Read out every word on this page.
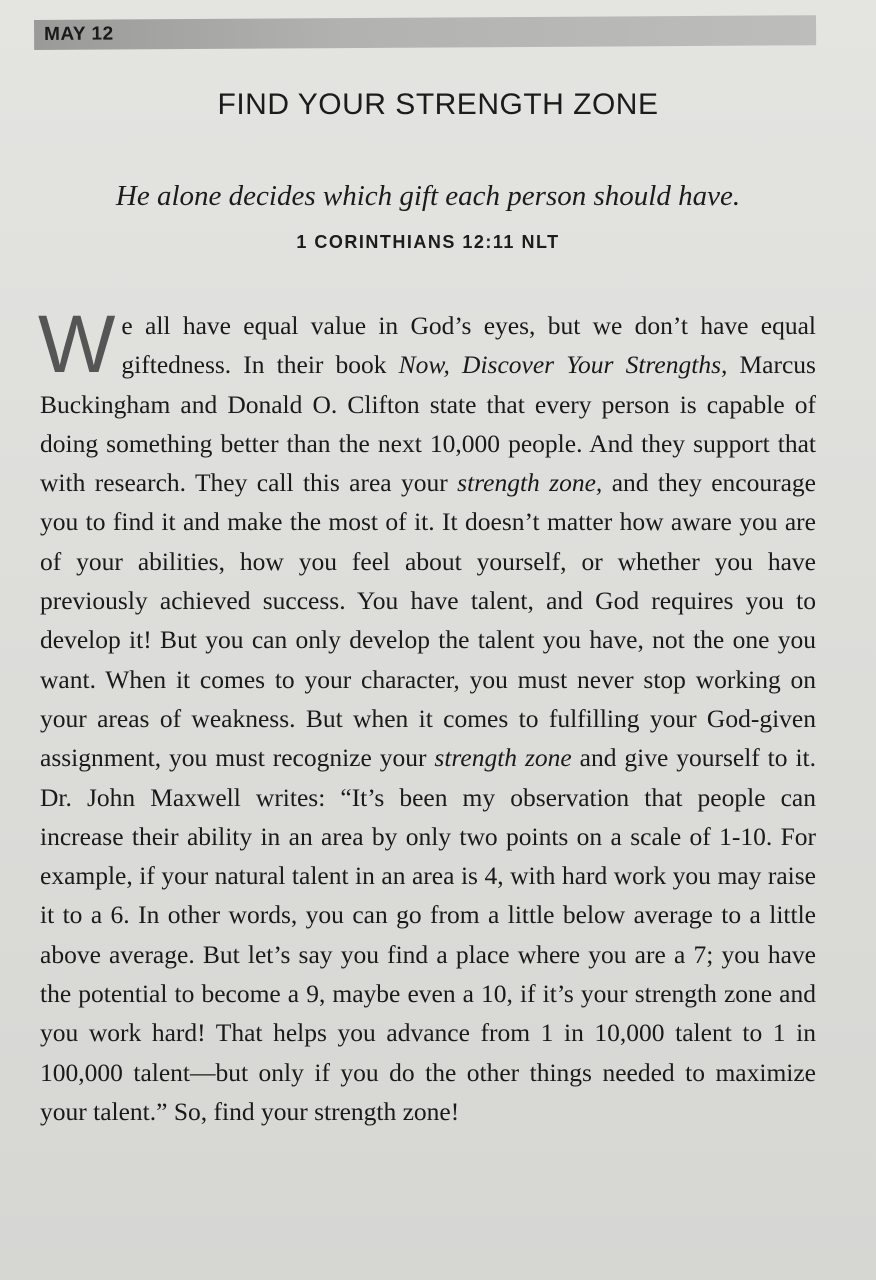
MAY 12
FIND YOUR STRENGTH ZONE
He alone decides which gift each person should have.
1 CORINTHIANS 12:11 NLT
We all have equal value in God’s eyes, but we don’t have equal giftedness. In their book Now, Discover Your Strengths, Marcus Buckingham and Donald O. Clifton state that every person is capable of doing something better than the next 10,000 people. And they support that with research. They call this area your strength zone, and they encourage you to find it and make the most of it. It doesn’t matter how aware you are of your abilities, how you feel about yourself, or whether you have previously achieved success. You have talent, and God requires you to develop it! But you can only develop the talent you have, not the one you want. When it comes to your character, you must never stop working on your areas of weakness. But when it comes to fulfilling your God-given assignment, you must recognize your strength zone and give yourself to it. Dr. John Maxwell writes: “It’s been my observation that people can increase their ability in an area by only two points on a scale of 1-10. For example, if your natural talent in an area is 4, with hard work you may raise it to a 6. In other words, you can go from a little below average to a little above average. But let’s say you find a place where you are a 7; you have the potential to become a 9, maybe even a 10, if it’s your strength zone and you work hard! That helps you advance from 1 in 10,000 talent to 1 in 100,000 talent—but only if you do the other things needed to maximize your talent.” So, find your strength zone!
